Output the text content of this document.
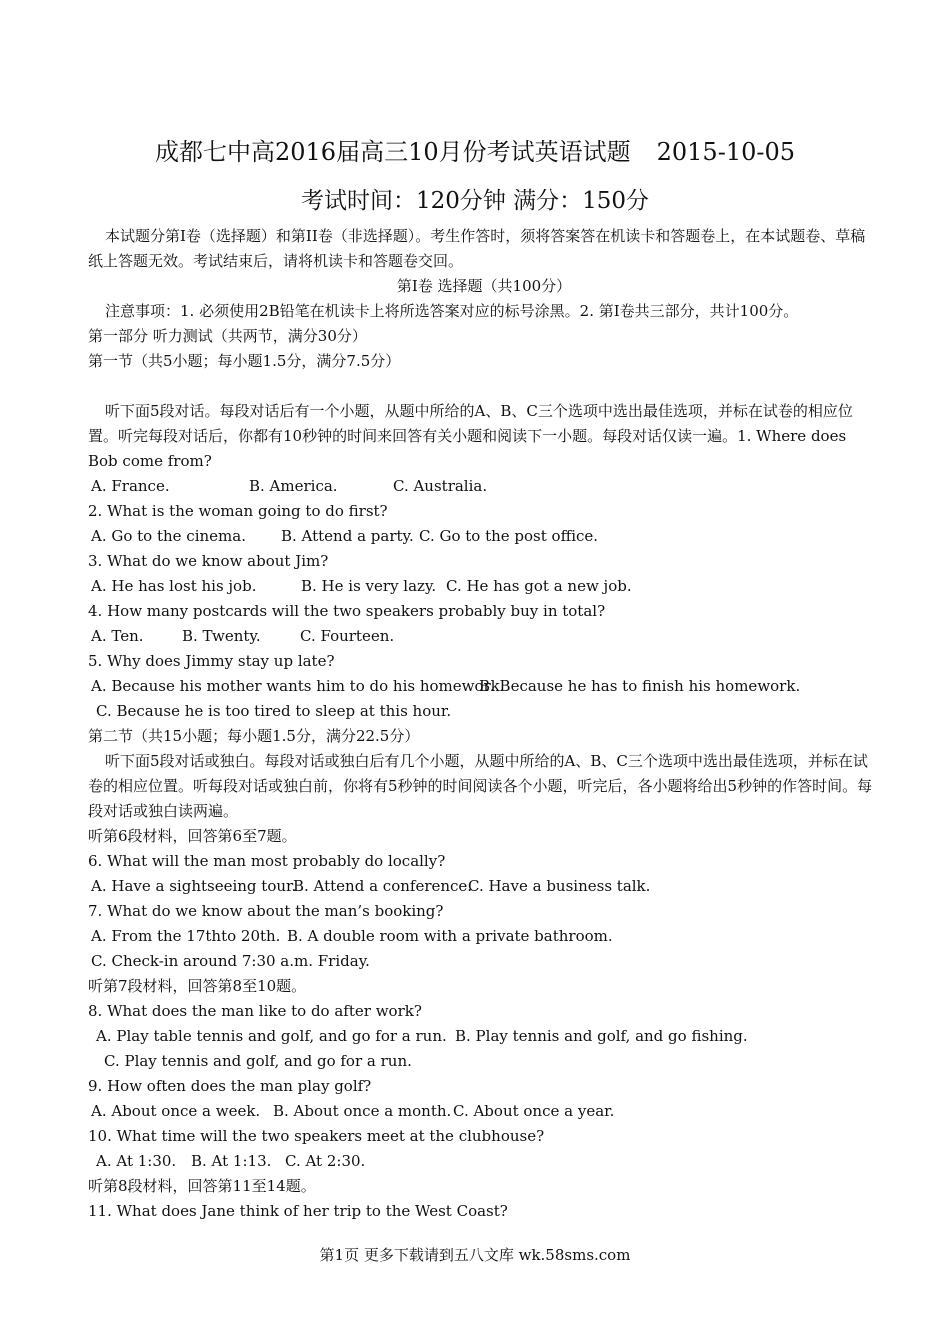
成都七中高2016届高三10月份考试英语试题 2015-10-05
考试时间：120分钟 满分：150分
本试题分第I卷（选择题）和第II卷（非选择题）。考生作答时，须将答案答在机读卡和答题卷上，在本试题卷、草稿纸上答题无效。考试结束后，请将机读卡和答题卷交回。
第I卷 选择题（共100分）
注意事项：1. 必须使用2B铅笔在机读卡上将所选答案对应的标号涂黑。2. 第I卷共三部分，共计100分。
第一部分 听力测试（共两节，满分30分）
第一节（共5小题；每小题1.5分，满分7.5分）
听下面5段对话。每段对话后有一个小题，从题中所给的A、B、C三个选项中选出最佳选项，并标在试卷的相应位置。听完每段对话后，你都有10秒钟的时间来回答有关小题和阅读下一小题。每段对话仅读一遍。1. Where does Bob come from?
A. France.	B. America.	C. Australia.
2. What is the woman going to do first?
A. Go to the cinema. B. Attend a party. C. Go to the post office.
3. What do we know about Jim?
A. He has lost his job.	B. He is very lazy. C. He has got a new job.
4. How many postcards will the two speakers probably buy in total?
A. Ten.	B. Twenty.	C. Fourteen.
5. Why does Jimmy stay up late?
A. Because his mother wants him to do his homework.B. Because he has to finish his homework.
C. Because he is too tired to sleep at this hour.
第二节（共15小题；每小题1.5分，满分22.5分）
听下面5段对话或独白。每段对话或独白后有几个小题，从题中所给的A、B、C三个选项中选出最佳选项，并标在试卷的相应位置。听每段对话或独白前，你将有5秒钟的时间阅读各个小题，听完后，各小题将给出5秒钟的作答时间。每段对话或独白读两遍。
听第6段材料，回答第6至7题。
6. What will the man most probably do locally?
A. Have a sightseeing tour.B. Attend a conference.C. Have a business talk.
7. What do we know about the man’s booking?
A. From the 17thto 20th. B. A double room with a private bathroom.
C. Check-in around 7:30 a.m. Friday.
听第7段材料，回答第8至10题。
8. What does the man like to do after work?
A. Play table tennis and golf, and go for a run. B. Play tennis and golf, and go fishing.
C. Play tennis and golf, and go for a run.
9. How often does the man play golf?
A. About once a week. B. About once a month. C. About once a year.
10. What time will the two speakers meet at the clubhouse?
A. At 1:30. B. At 1:13. C. At 2:30.
听第8段材料，回答第11至14题。
11. What does Jane think of her trip to the West Coast?
第1页 更多下载请到五八文库 wk.58sms.com
